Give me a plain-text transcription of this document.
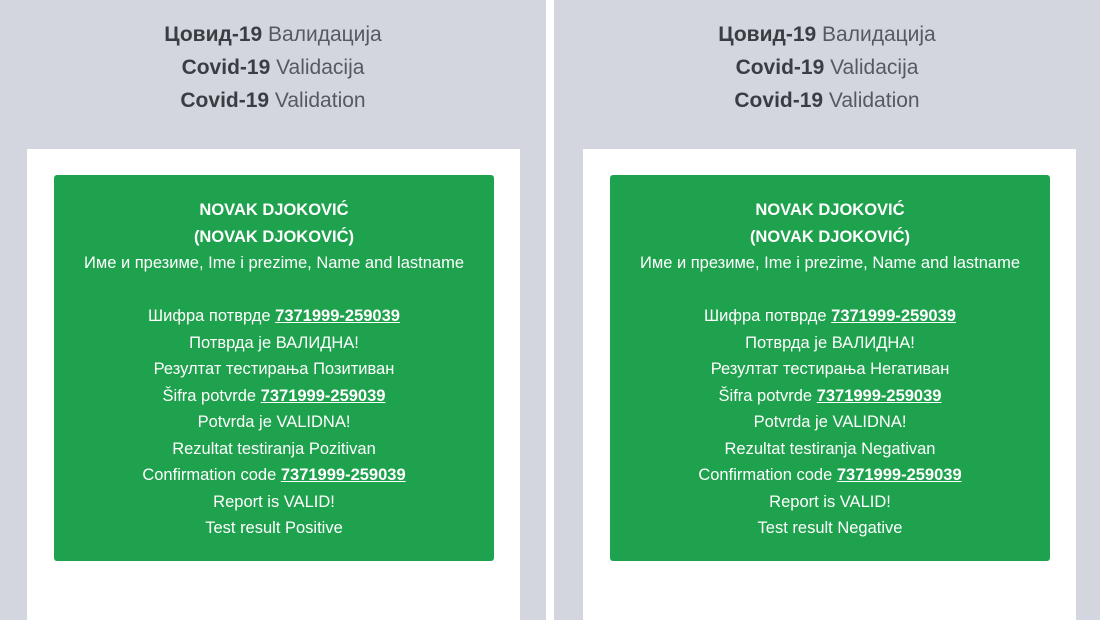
Цовид-19 Валидација
Covid-19 Validacija
Covid-19 Validation
NOVAK DJOKOVIĆ
(NOVAK DJOKOVIĆ)
Име и презиме, Ime i prezime, Name and lastname
Шифра потврде 7371999-259039
Потврда је ВАЛИДНА!
Резултат тестирања Позитиван
Šifra potvrde 7371999-259039
Potvrda je VALIDNA!
Rezultat testiranja Pozitivan
Confirmation code 7371999-259039
Report is VALID!
Test result Positive
Цовид-19 Валидација
Covid-19 Validacija
Covid-19 Validation
NOVAK DJOKOVIĆ
(NOVAK DJOKOVIĆ)
Име и презиме, Ime i prezime, Name and lastname
Шифра потврде 7371999-259039
Потврда је ВАЛИДНА!
Резултат тестирања Негативан
Šifra potvrde 7371999-259039
Potvrda je VALIDNA!
Rezultat testiranja Negativan
Confirmation code 7371999-259039
Report is VALID!
Test result Negative
